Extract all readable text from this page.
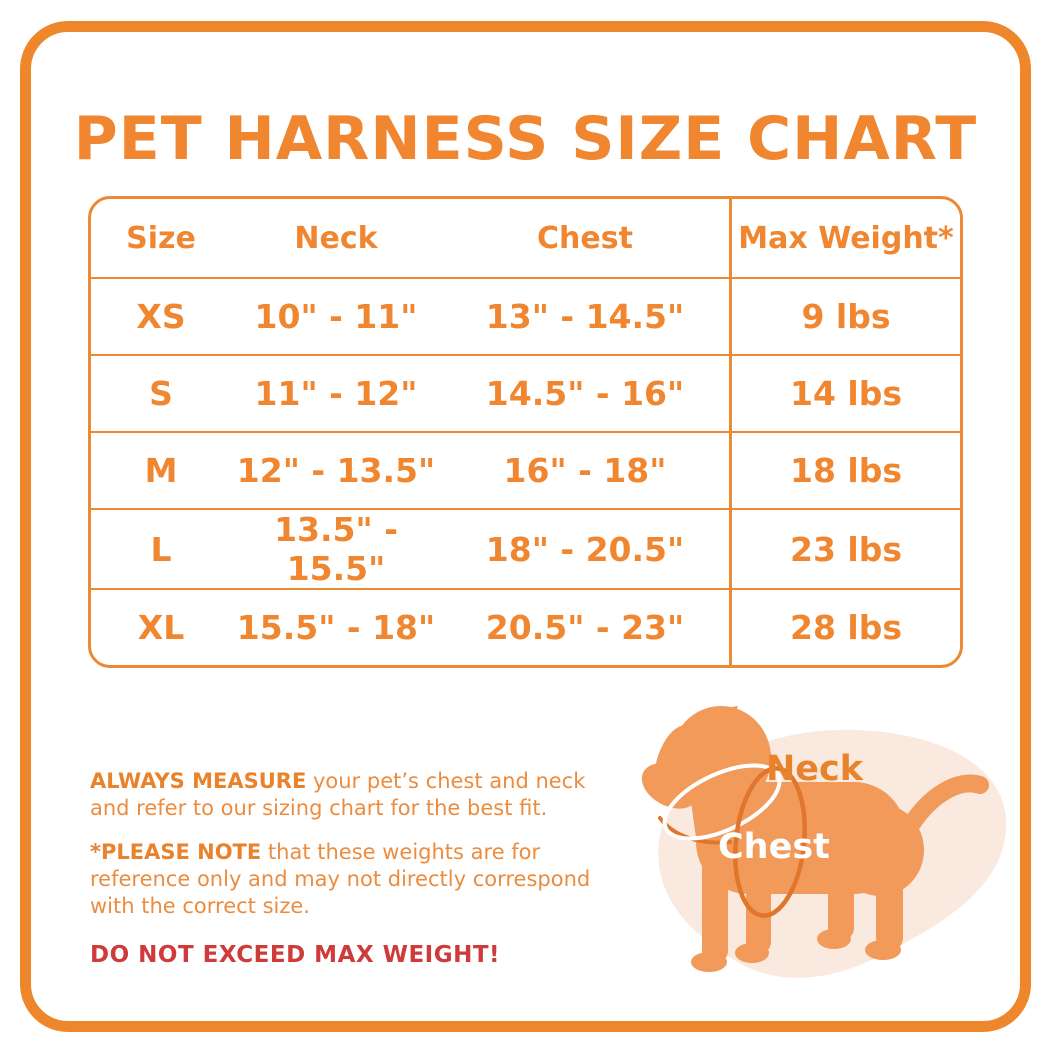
PET HARNESS SIZE CHART
Size	Neck	Chest	Max Weight*
XS	10" - 11"	13" - 14.5"	9 lbs
S	11" - 12"	14.5" - 16"	14 lbs
M	12" - 13.5"	16" - 18"	18 lbs
L	13.5" - 15.5"	18" - 20.5"	23 lbs
XL	15.5" - 18"	20.5" - 23"	28 lbs

ALWAYS MEASURE your pet’s chest and neck and refer to our sizing chart for the best fit.

*PLEASE NOTE that these weights are for reference only and may not directly correspond with the correct size.

DO NOT EXCEED MAX WEIGHT!
Neck
Chest
